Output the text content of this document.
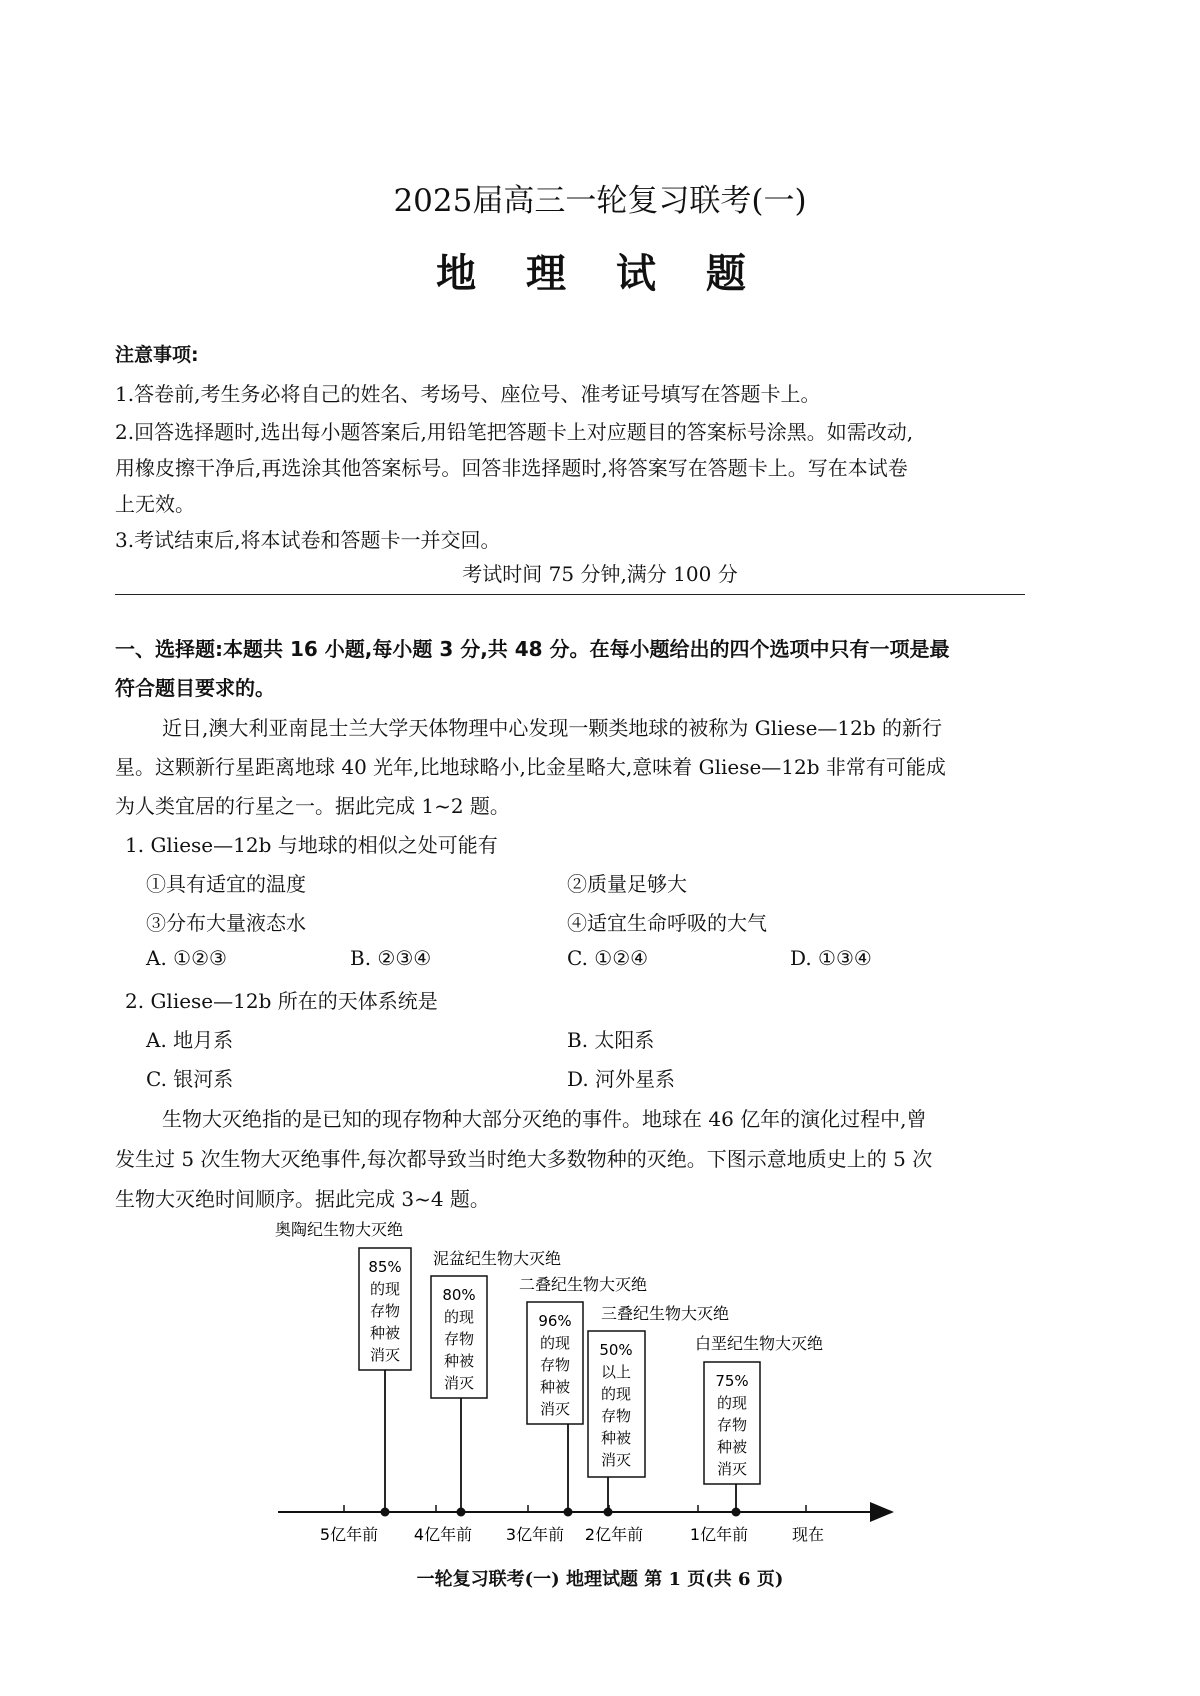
2025届高三一轮复习联考(一)
地 理 试 题
注意事项:
1.答卷前,考生务必将自己的姓名、考场号、座位号、准考证号填写在答题卡上。
2.回答选择题时,选出每小题答案后,用铅笔把答题卡上对应题目的答案标号涂黑。如需改动,
用橡皮擦干净后,再选涂其他答案标号。回答非选择题时,将答案写在答题卡上。写在本试卷
上无效。
3.考试结束后,将本试卷和答题卡一并交回。
考试时间 75 分钟,满分 100 分
一、选择题:本题共 16 小题,每小题 3 分,共 48 分。在每小题给出的四个选项中只有一项是最
符合题目要求的。
近日,澳大利亚南昆士兰大学天体物理中心发现一颗类地球的被称为 Gliese—12b 的新行
星。这颗新行星距离地球 40 光年,比地球略小,比金星略大,意味着 Gliese—12b 非常有可能成
为人类宜居的行星之一。据此完成 1~2 题。
1. Gliese—12b 与地球的相似之处可能有
①具有适宜的温度	②质量足够大
③分布大量液态水	④适宜生命呼吸的大气
A. ①②③	B. ②③④	C. ①②④	D. ①③④
2. Gliese—12b 所在的天体系统是
A. 地月系	B. 太阳系
C. 银河系	D. 河外星系
生物大灭绝指的是已知的现存物种大部分灭绝的事件。地球在 46 亿年的演化过程中,曾
发生过 5 次生物大灭绝事件,每次都导致当时绝大多数物种的灭绝。下图示意地质史上的 5 次
生物大灭绝时间顺序。据此完成 3~4 题。
5亿年前 4亿年前 3亿年前 2亿年前	1亿年前	现在
奥陶纪生物大灭绝
85%
的现
存物
种被
消灭
泥盆纪生物大灭绝
80%
的现
存物
种被
消灭
二叠纪生物大灭绝
96%
的现
存物
种被
消灭
三叠纪生物大灭绝
50%
以上
的现
存物
种被
消灭
白垩纪生物大灭绝
75%
的现
存物
种被
消灭
一轮复习联考(一) 地理试题 第 1 页(共 6 页)
